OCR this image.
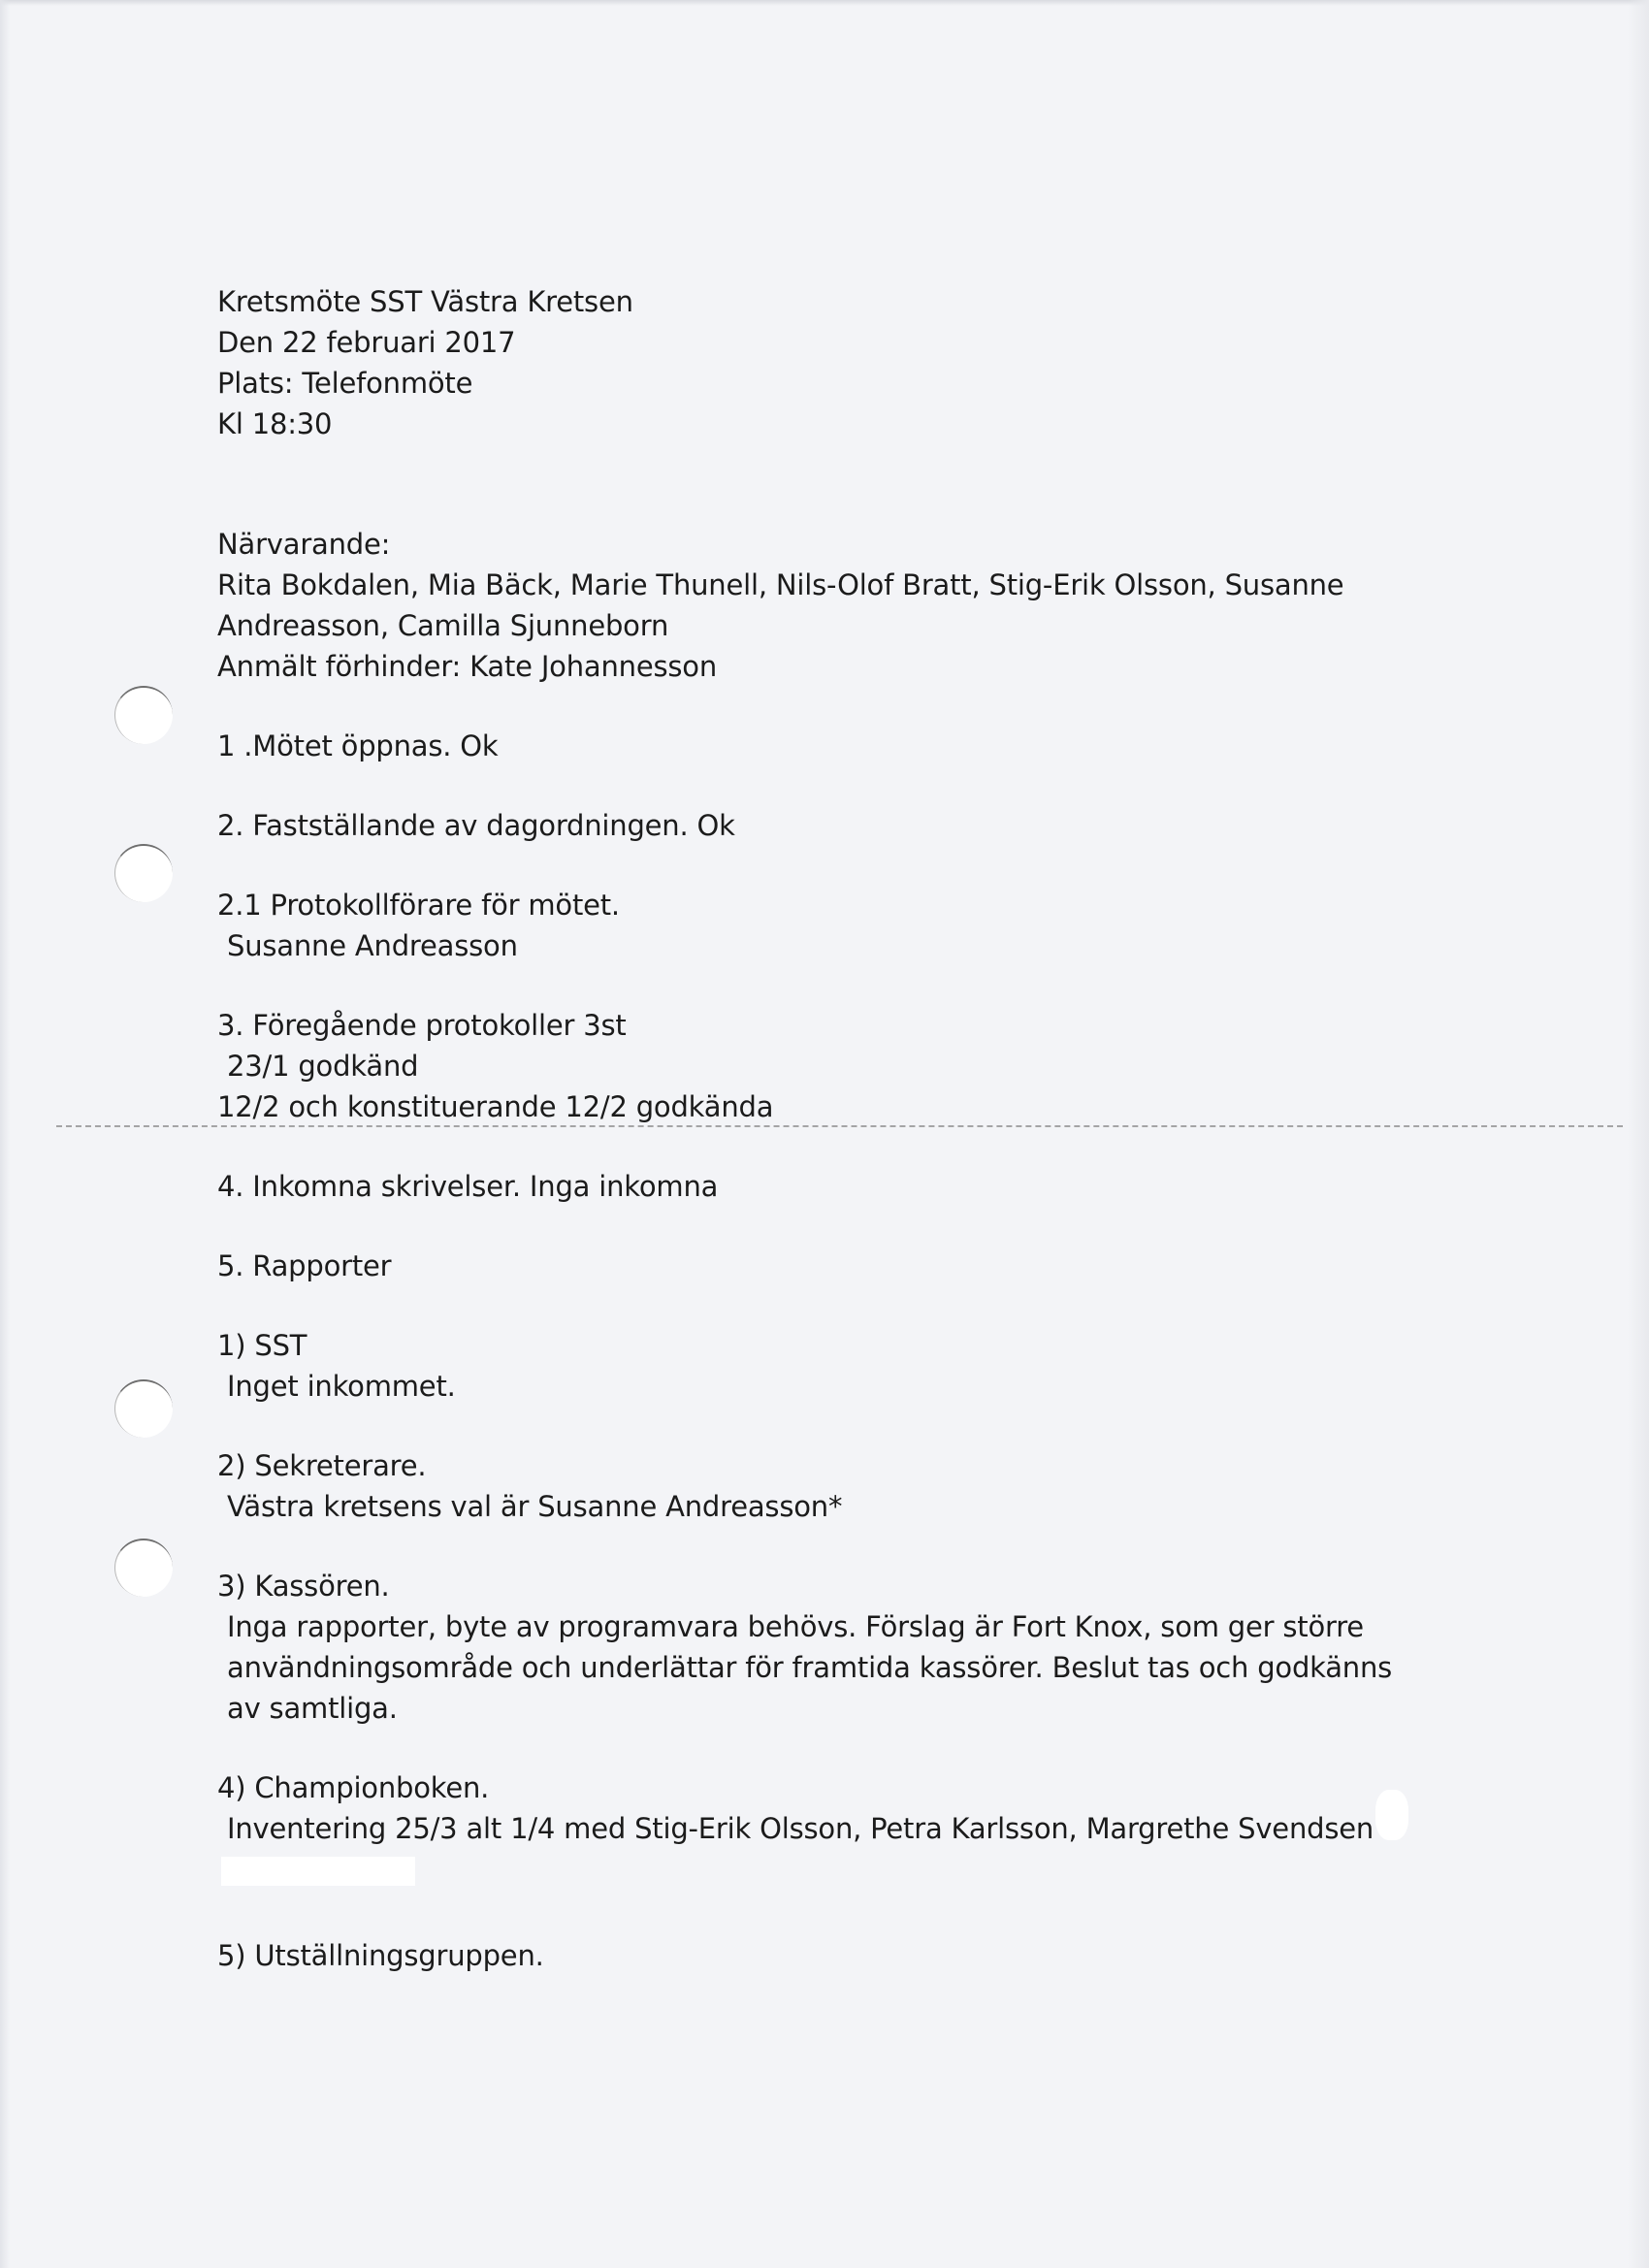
Kretsmöte SST Västra Kretsen

Den 22 februari 2017

Plats: Telefonmöte

Kl 18:30

Närvarande:

Rita Bokdalen, Mia Bäck, Marie Thunell, Nils-Olof Bratt, Stig-Erik Olsson, Susanne

Andreasson, Camilla Sjunneborn

Anmält förhinder: Kate Johannesson

1 .Mötet öppnas. Ok

2. Fastställande av dagordningen. Ok

2.1 Protokollförare för mötet.

Susanne Andreasson

3. Föregående protokoller 3st

23/1 godkänd

12/2 och konstituerande 12/2 godkända

4. Inkomna skrivelser. Inga inkomna

5. Rapporter

1) SST

Inget inkommet.

2) Sekreterare.

Västra kretsens val är Susanne Andreasson*

3) Kassören.

Inga rapporter, byte av programvara behövs. Förslag är Fort Knox, som ger större användningsområde och underlättar för framtida kassörer. Beslut tas och godkänns av samtliga.

4) Championboken.

Inventering 25/3 alt 1/4 med Stig-Erik Olsson, Petra Karlsson, Margrethe Svendsen

5) Utställningsgruppen.
